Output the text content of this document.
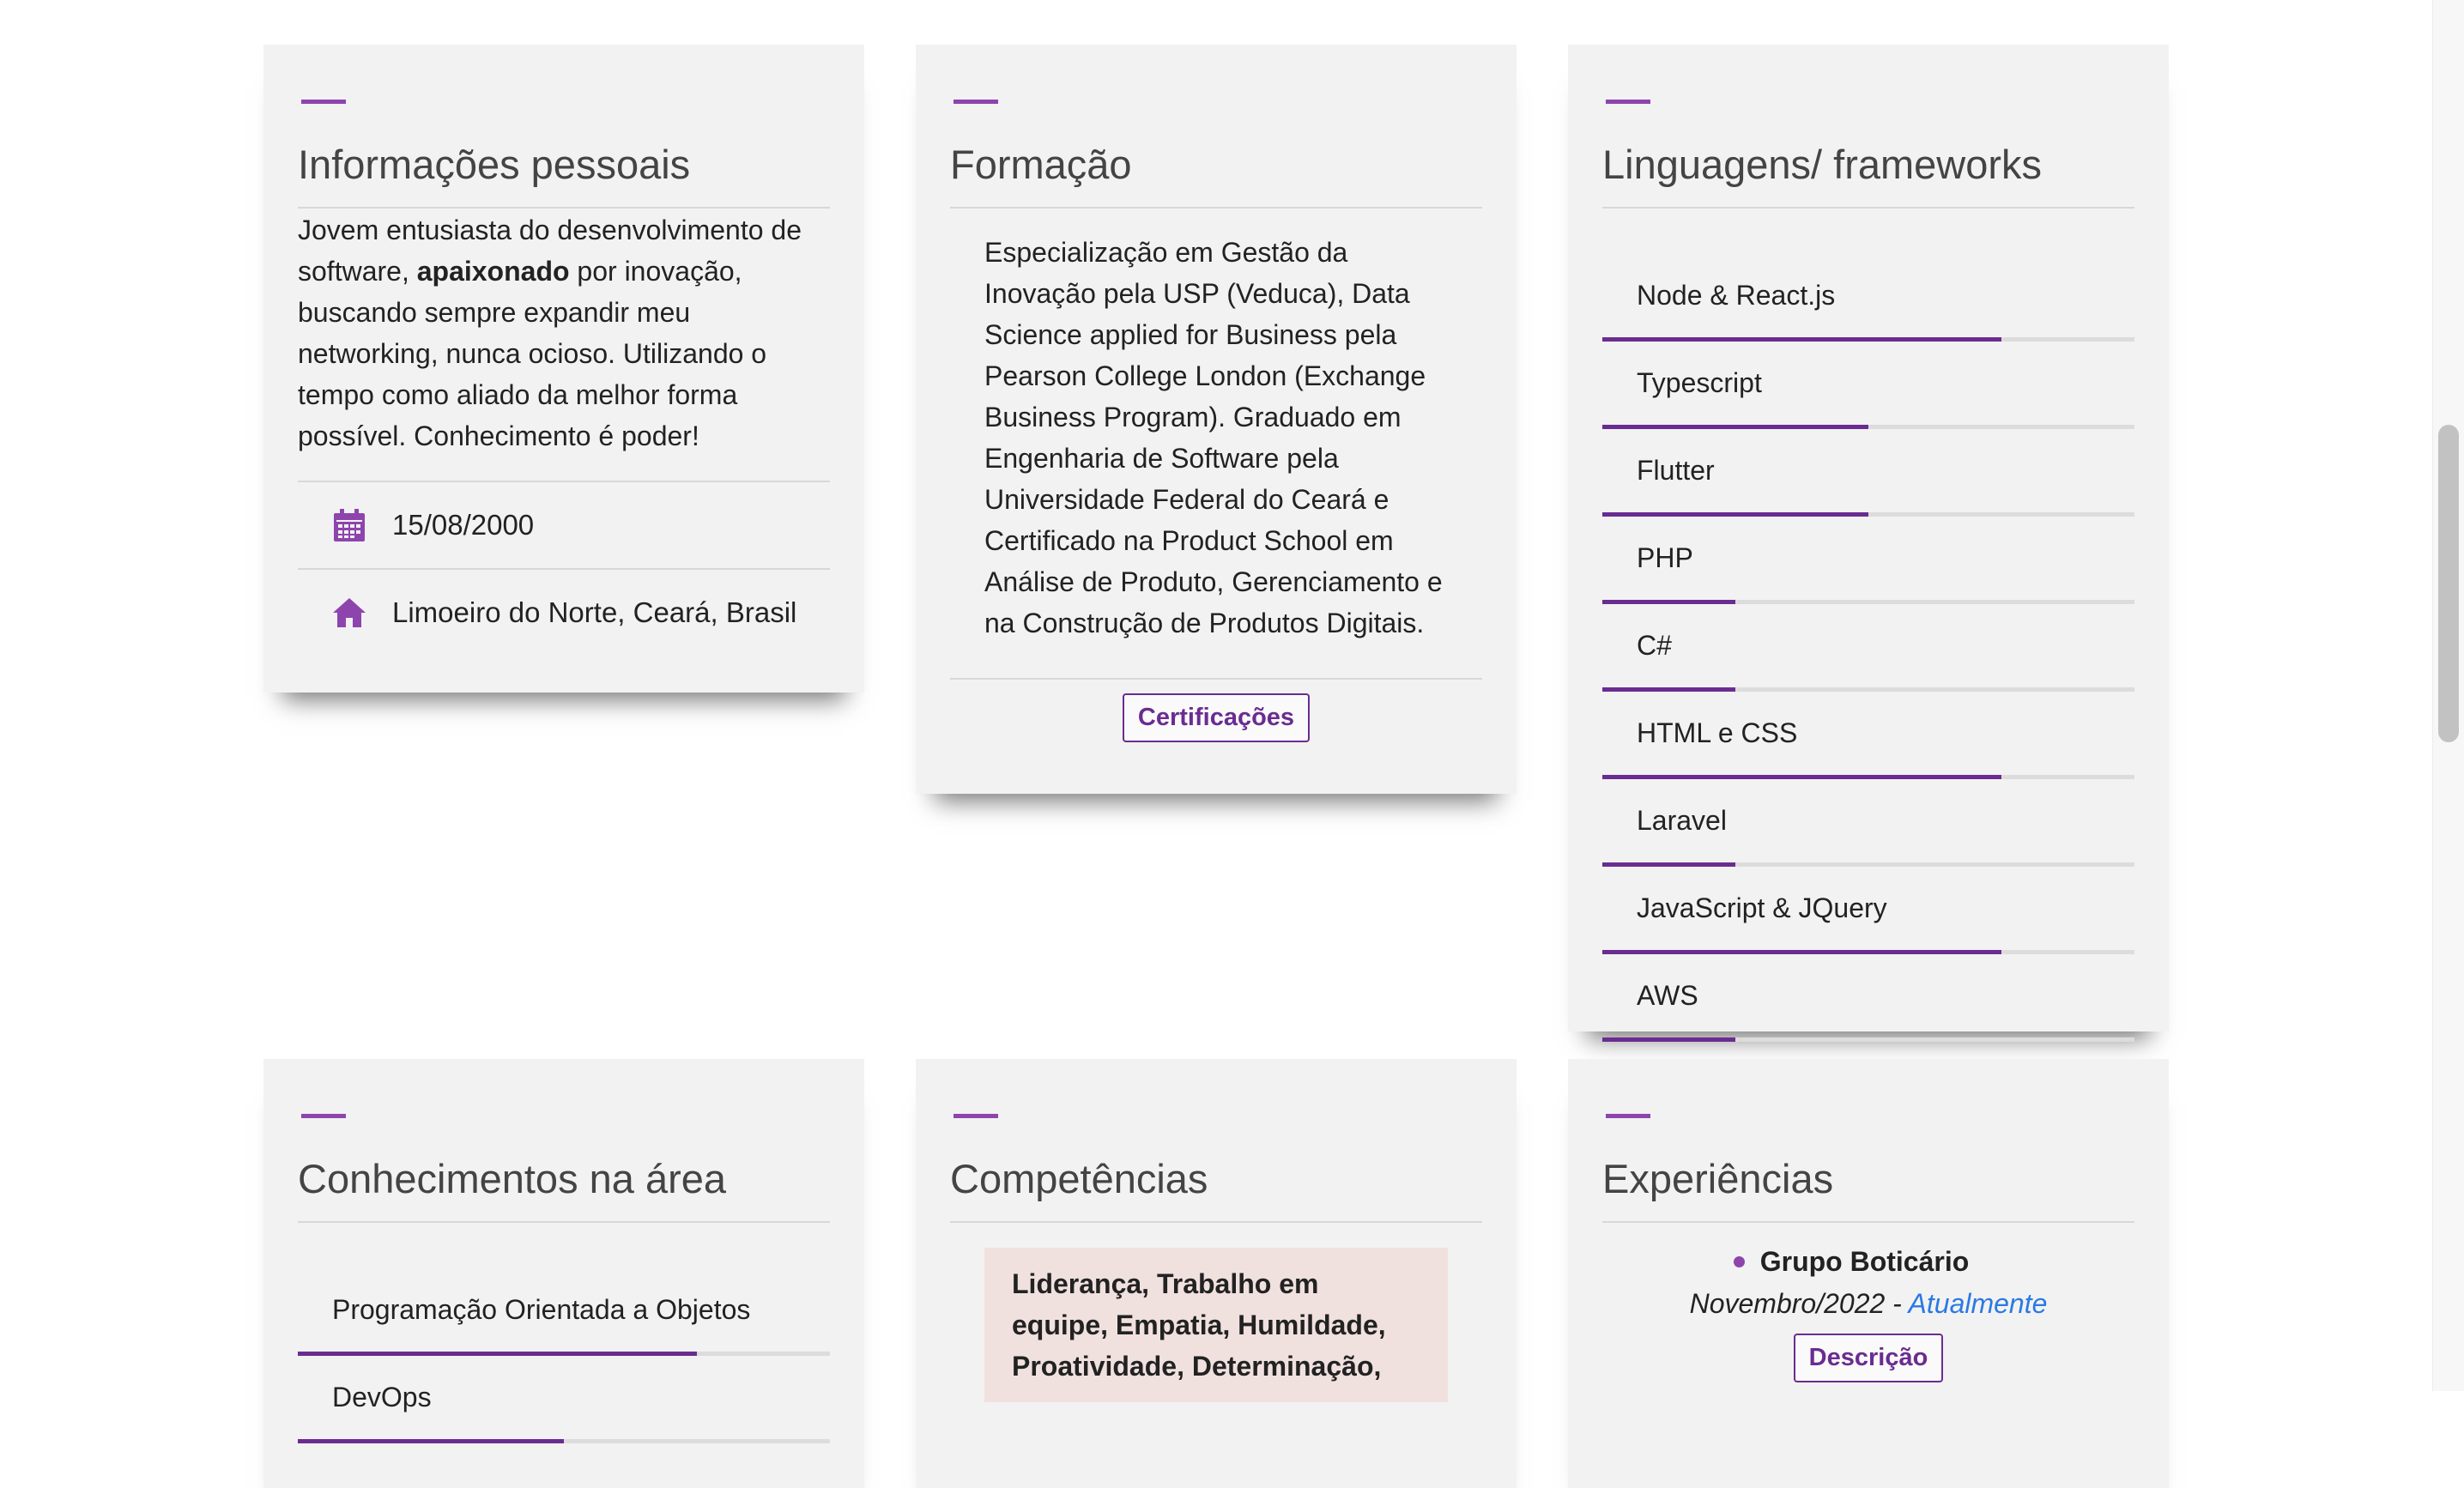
Informações pessoais
Jovem entusiasta do desenvolvimento de software, apaixonado por inovação, buscando sempre expandir meu networking, nunca ocioso. Utilizando o tempo como aliado da melhor forma possível. Conhecimento é poder!
15/08/2000
Limoeiro do Norte, Ceará, Brasil
Formação
Especialização em Gestão da Inovação pela USP (Veduca), Data Science applied for Business pela Pearson College London (Exchange Business Program). Graduado em Engenharia de Software pela Universidade Federal do Ceará e Certificado na Product School em Análise de Produto, Gerenciamento e na Construção de Produtos Digitais.
Certificações
Linguagens/ frameworks
Node & React.js
Typescript
Flutter
PHP
C#
HTML e CSS
Laravel
JavaScript & JQuery
AWS
Conhecimentos na área
Programação Orientada a Objetos
DevOps
Competências
Liderança, Trabalho em equipe, Empatia, Humildade, Proatividade, Determinação,
Experiências
Grupo Boticário
Novembro/2022 - Atualmente
Descrição
